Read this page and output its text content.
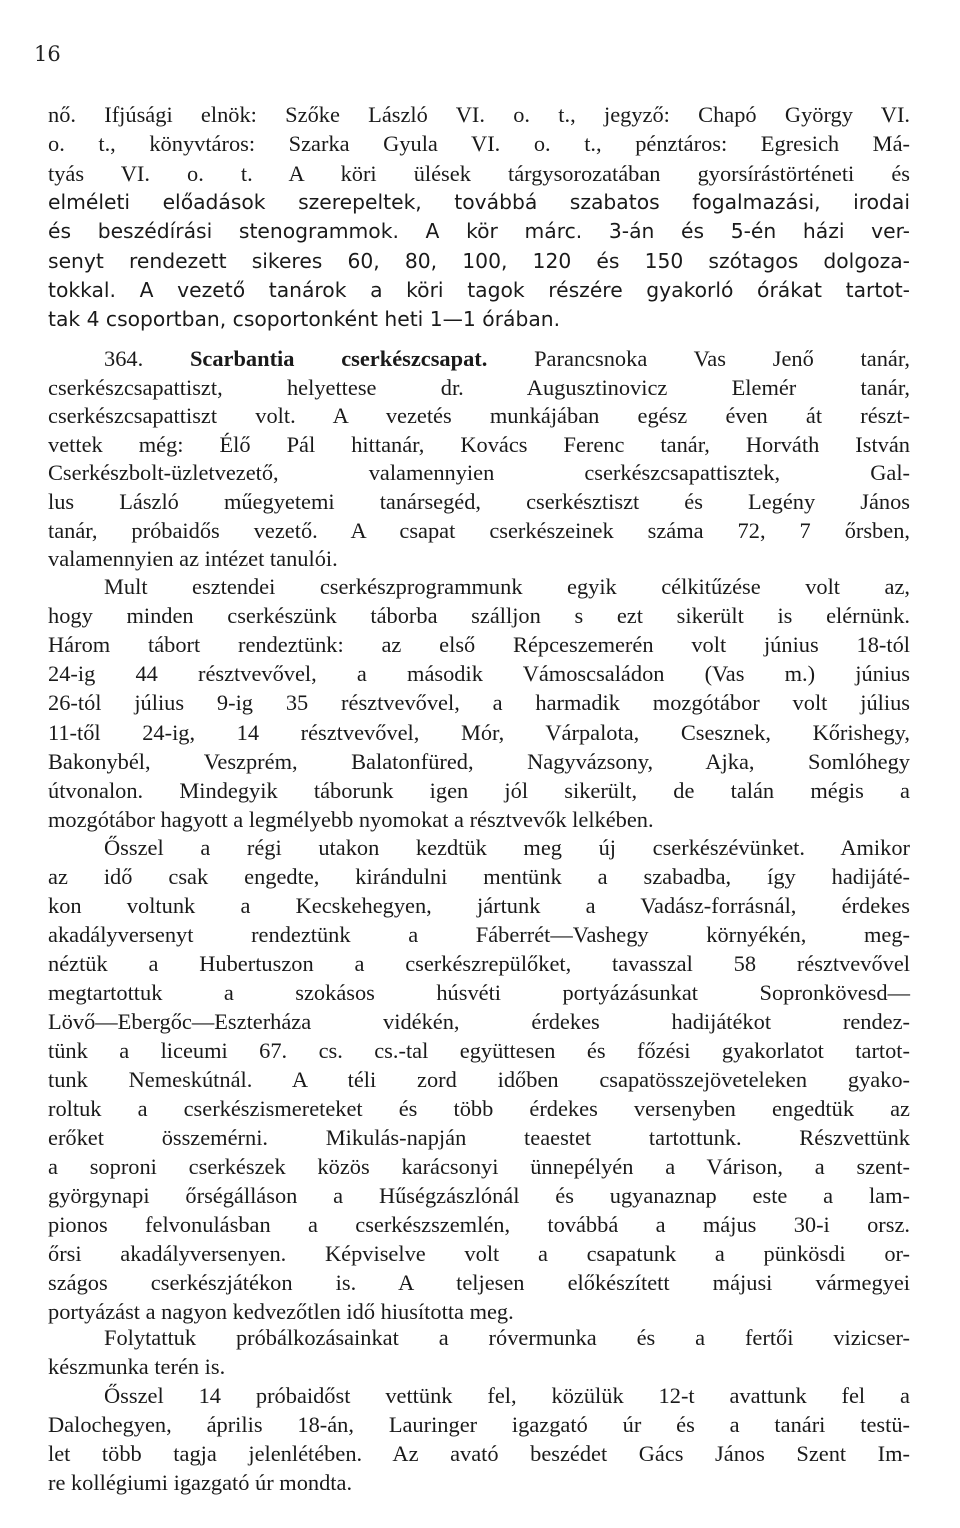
16
nő. Ifjúsági elnök: Szőke László VI. o. t., jegyző: Chapó György VI.
o. t., könyvtáros: Szarka Gyula VI. o. t., pénztáros: Egresich Má-
tyás VI. o. t. A köri ülések tárgysorozatában gyorsírástörténeti és
elméleti előadások szerepeltek, továbbá szabatos fogalmazási, irodai
és beszédírási stenogrammok. A kör márc. 3-án és 5-én házi ver-
senyt rendezett sikeres 60, 80, 100, 120 és 150 szótagos dolgoza-
tokkal. A vezető tanárok a köri tagok részére gyakorló órákat tartot-
tak 4 csoportban, csoportonként heti 1—1 órában.
364. Scarbantia cserkészcsapat. Parancsnoka Vas Jenő tanár,
cserkészcsapattiszt, helyettese dr. Augusztinovicz Elemér tanár,
cserkészcsapattiszt volt. A vezetés munkájában egész éven át részt-
vettek még: Élő Pál hittanár, Kovács Ferenc tanár, Horváth István
Cserkészbolt-üzletvezető, valamennyien cserkészcsapattisztek, Gal-
lus László műegyetemi tanársegéd, cserkésztiszt és Legény János
tanár, próbaidős vezető. A csapat cserkészeinek száma 72, 7 őrsben,
valamennyien az intézet tanulói.
Mult esztendei cserkészprogrammunk egyik célkitűzése volt az,
hogy minden cserkészünk táborba szálljon s ezt sikerült is elérnünk.
Három tábort rendeztünk: az első Répceszemerén volt június 18-tól
24-ig 44 résztvevővel, a második Vámoscsaládon (Vas m.) június
26-tól július 9-ig 35 résztvevővel, a harmadik mozgótábor volt július
11-től 24-ig, 14 résztvevővel, Mór, Várpalota, Csesznek, Kőrishegy,
Bakonybél, Veszprém, Balatonfüred, Nagyvázsony, Ajka, Somlóhegy
útvonalon. Mindegyik táborunk igen jól sikerült, de talán mégis a
mozgótábor hagyott a legmélyebb nyomokat a résztvevők lelkében.
Ősszel a régi utakon kezdtük meg új cserkészévünket. Amikor
az idő csak engedte, kirándulni mentünk a szabadba, így hadijáté-
kon voltunk a Kecskehegyen, jártunk a Vadász-forrásnál, érdekes
akadályversenyt rendeztünk a Fáberrét—Vashegy környékén, meg-
néztük a Hubertuszon a cserkészrepülőket, tavasszal 58 résztvevővel
megtartottuk a szokásos húsvéti portyázásunkat Sopronkövesd—
Lövő—Ebergőc—Eszterháza vidékén, érdekes hadijátékot rendez-
tünk a liceumi 67. cs. cs.-tal együttesen és főzési gyakorlatot tartot-
tunk Nemeskútnál. A téli zord időben csapatösszejöveteleken gyako-
roltuk a cserkészismereteket és több érdekes versenyben engedtük az
erőket összemérni. Mikulás-napján teaestet tartottunk. Részvettünk
a soproni cserkészek közös karácsonyi ünnepélyén a Várison, a szent-
györgynapi őrségálláson a Hűségzászlónál és ugyanaznap este a lam-
pionos felvonulásban a cserkészszemlén, továbbá a május 30-i orsz.
őrsi akadályversenyen. Képviselve volt a csapatunk a pünkösdi or-
szágos cserkészjátékon is. A teljesen előkészített májusi vármegyei
portyázást a nagyon kedvezőtlen idő hiusította meg.
Folytattuk próbálkozásainkat a róvermunka és a fertői vizicser-
készmunka terén is.
Ősszel 14 próbaidőst vettünk fel, közülük 12-t avattunk fel a
Dalochegyen, április 18-án, Lauringer igazgató úr és a tanári testü-
let több tagja jelenlétében. Az avató beszédet Gács János Szent Im-
re kollégiumi igazgató úr mondta.
